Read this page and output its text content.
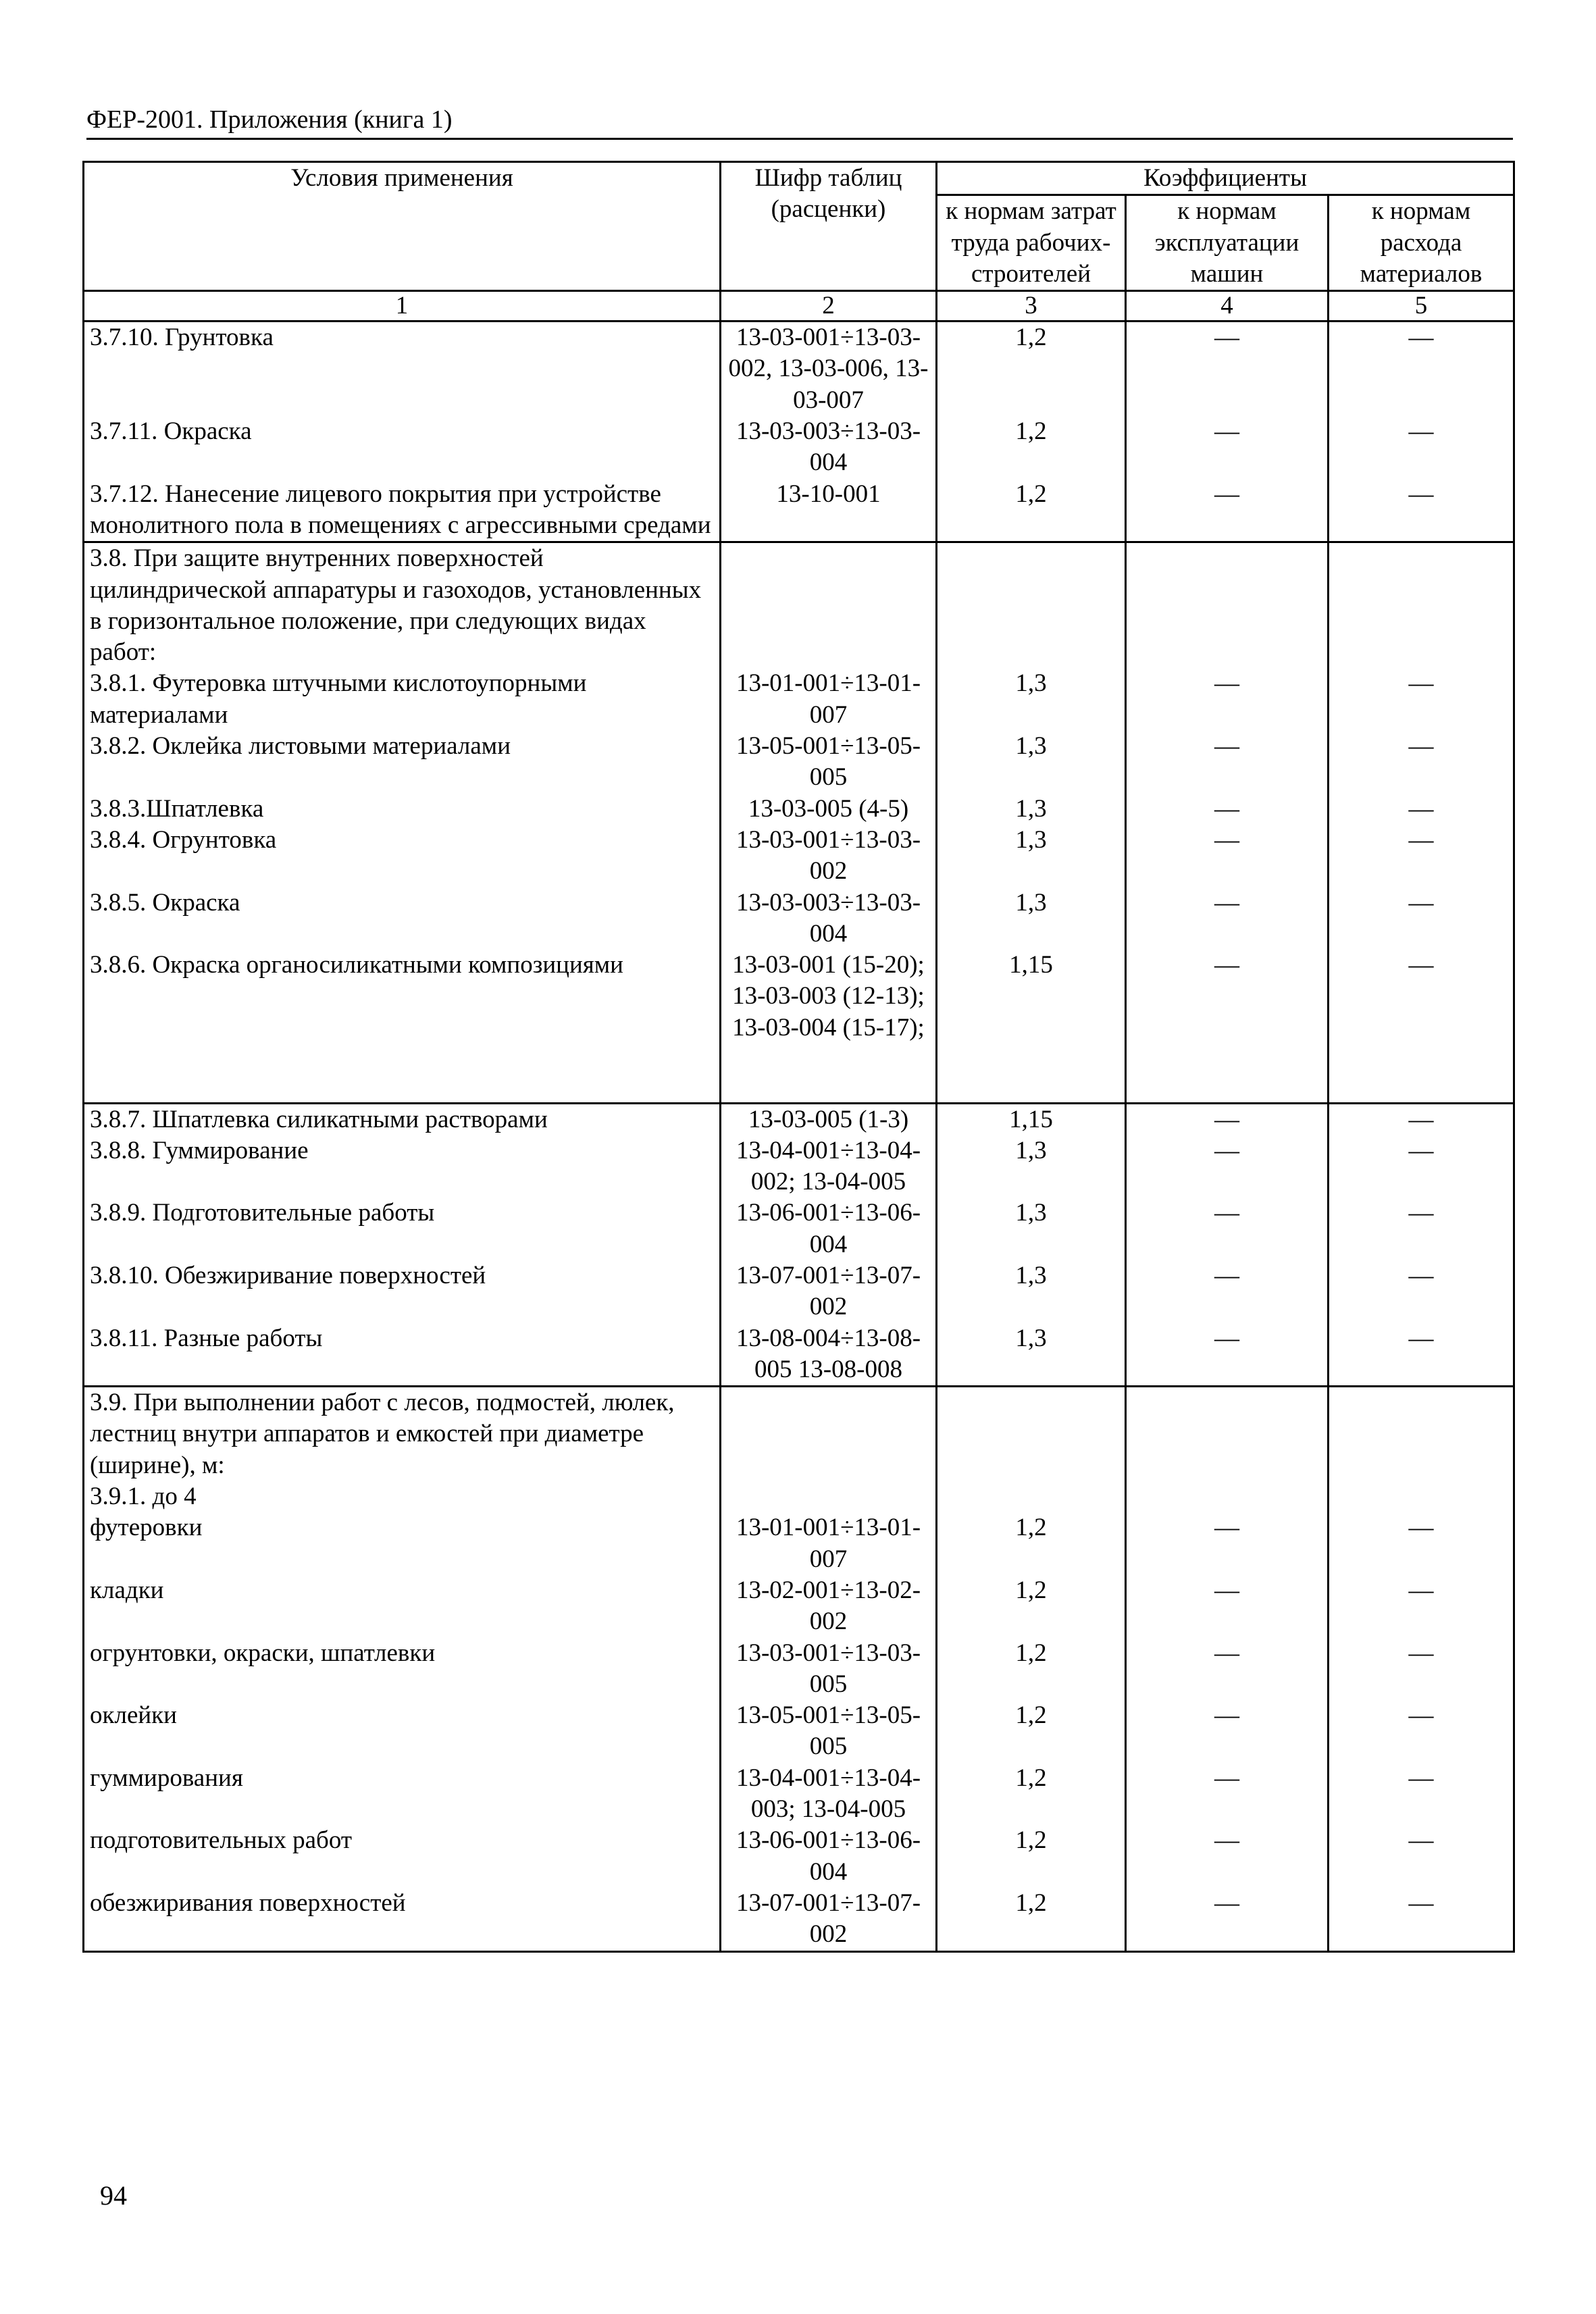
ФЕР-2001. Приложения (книга 1)
Условия применения	Шифр таблиц (расценки)	Коэффициенты		
		к нормам затрат труда рабочих-строителей	к нормам эксплуатации машин	к нормам расхода материалов
1	2	3	4	5
3.7.10. Грунтовка	13-03-001÷13-03-002, 13-03-006, 13-03-007	1,2	—	—
3.7.11. Окраска	13-03-003÷13-03-004	1,2	—	—
3.7.12. Нанесение лицевого покрытия при устройстве монолитного пола в помещениях с агрессивными средами	13-10-001	1,2	—	—
3.8. При защите внутренних поверхностей цилиндрической аппаратуры и газоходов, установленных в горизонтальное положение, при следующих видах работ:				
3.8.1. Футеровка штучными кислотоупорными материалами	13-01-001÷13-01-007	1,3	—	—
3.8.2. Оклейка листовыми материалами	13-05-001÷13-05-005	1,3	—	—
3.8.3.Шпатлевка	13-03-005 (4-5)	1,3	—	—
3.8.4. Огрунтовка	13-03-001÷13-03-002	1,3	—	—
3.8.5. Окраска	13-03-003÷13-03-004	1,3	—	—
3.8.6. Окраска органосиликатными композициями	13-03-001 (15-20); 13-03-003 (12-13); 13-03-004 (15-17);	1,15	—	—

3.8.7. Шпатлевка силикатными растворами	13-03-005 (1-3)	1,15	—	—
3.8.8. Гуммирование	13-04-001÷13-04-002; 13-04-005	1,3	—	—
3.8.9. Подготовительные работы	13-06-001÷13-06-004	1,3	—	—
3.8.10. Обезжиривание поверхностей	13-07-001÷13-07-002	1,3	—	—
3.8.11. Разные работы	13-08-004÷13-08-005 13-08-008	1,3	—	—
3.9. При выполнении работ с лесов, подмостей, люлек, лестниц внутри аппаратов и емкостей при диаметре (ширине), м:				
3.9.1. до 4				
футеровки	13-01-001÷13-01-007	1,2	—	—
кладки	13-02-001÷13-02-002	1,2	—	—
огрунтовки, окраски, шпатлевки	13-03-001÷13-03-005	1,2	—	—
оклейки	13-05-001÷13-05-005	1,2	—	—
гуммирования	13-04-001÷13-04-003; 13-04-005	1,2	—	—
подготовительных работ	13-06-001÷13-06-004	1,2	—	—
обезжиривания поверхностей	13-07-001÷13-07-002	1,2	—	—
94
